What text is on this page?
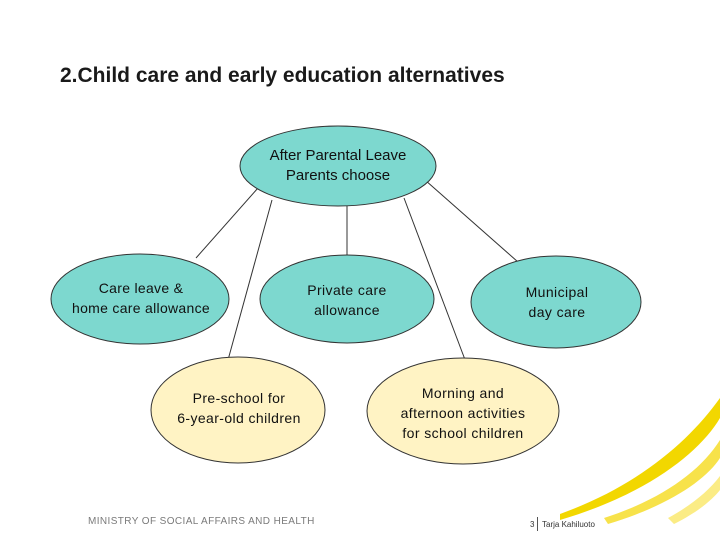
2.Child care and early education alternatives
After Parental Leave
Parents choose
Care leave &
home care allowance
Private care
allowance
Municipal
day care
Pre-school for
6-year-old children
Morning and
afternoon activities
for school children
MINISTRY OF SOCIAL AFFAIRS AND HEALTH	3 Tarja Kahiluoto
